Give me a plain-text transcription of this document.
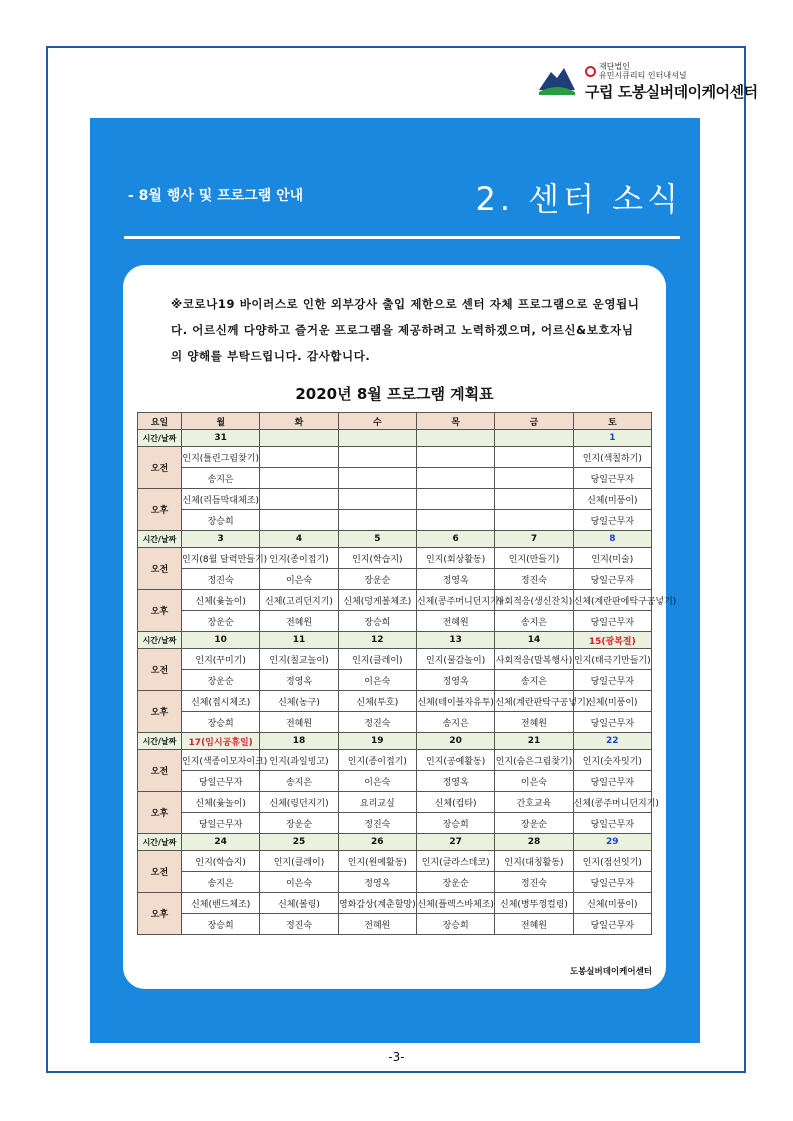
재단법인
유민시큐리티 인터내셔널
구립 도봉실버데이케어센터
- 8월 행사 및 프로그램 안내	2. 센터 소식
※코로나19 바이러스로 인한 외부강사 출입 제한으로 센터 자체 프로그램으로 운영됩니다. 어르신께 다양하고 즐거운 프로그램을 제공하려고 노력하겠으며, 어르신&보호자님의 양해를 부탁드립니다. 감사합니다.
2020년 8월 프로그램 계획표
요일	월	화	수	목	금	토
시간/날짜	31					1
오전	인지(틀린그림찾기)					인지(색칠하기)
	송지은					당일근무자
오후	신체(리듬막대체조)					신체(미풍이)
	장승희					당일근무자
시간/날짜	3	4	5	6	7	8
오전	인지(8월 달력만들기)	인지(종이접기)	인지(학습지)	인지(회상활동)	인지(만들기)	인지(미술)
	정진숙	이은숙	장운순	정영옥	정진숙	당일근무자
오후	신체(윷놀이)	신체(고리던지기)	신체(덩게볼체조)	신체(콩주머니던지기)	사회적응(생신잔치)	신체(계란판에탁구공넣기)
	장운순	전혜원	장승희	전혜원	송지은	당일근무자
시간/날짜	10	11	12	13	14	15(광복절)
오전	인지(꾸미기)	인지(칠교놀이)	인지(클레이)	인지(물감놀이)	사회적응(말복행사)	인지(태극기만들기)
	장운순	정영옥	이은숙	정영옥	송지은	당일근무자
오후	신체(접시체조)	신체(농구)	신체(투호)	신체(테이블자유투)	신체(계란판탁구공넣기)	신체(미풍이)
	장승희	전혜원	정진숙	송지은	전혜원	당일근무자
시간/날짜	17(임시공휴일)	18	19	20	21	22
오전	인지(색종이모자이크)	인지(과일빙고)	인지(종이접기)	인지(공예활동)	인지(숨은그림찾기)	인지(숫자잇기)
	당일근무자	송지은	이은숙	정영옥	이은숙	당일근무자
오후	신체(윷놀이)	신체(링던지기)	요리교실	신체(컵타)	간호교육	신체(콩주머니던지기)
	당일근무자	장운순	정진숙	장승희	장운순	당일근무자
시간/날짜	24	25	26	27	28	29
오전	인지(학습지)	인지(클레이)	인지(원예활동)	인지(글라스데코)	인지(대칭활동)	인지(점선잇기)
	송지은	이은숙	정영옥	장운순	정진숙	당일근무자
오후	신체(밴드체조)	신체(볼링)	영화감상(계춘할망)	신체(플렉스바체조)	신체(병뚜껑컬링)	신체(미풍이)
	장승희	정진숙	전혜원	장승희	전혜원	당일근무자
도봉실버데이케어센터
-3-
